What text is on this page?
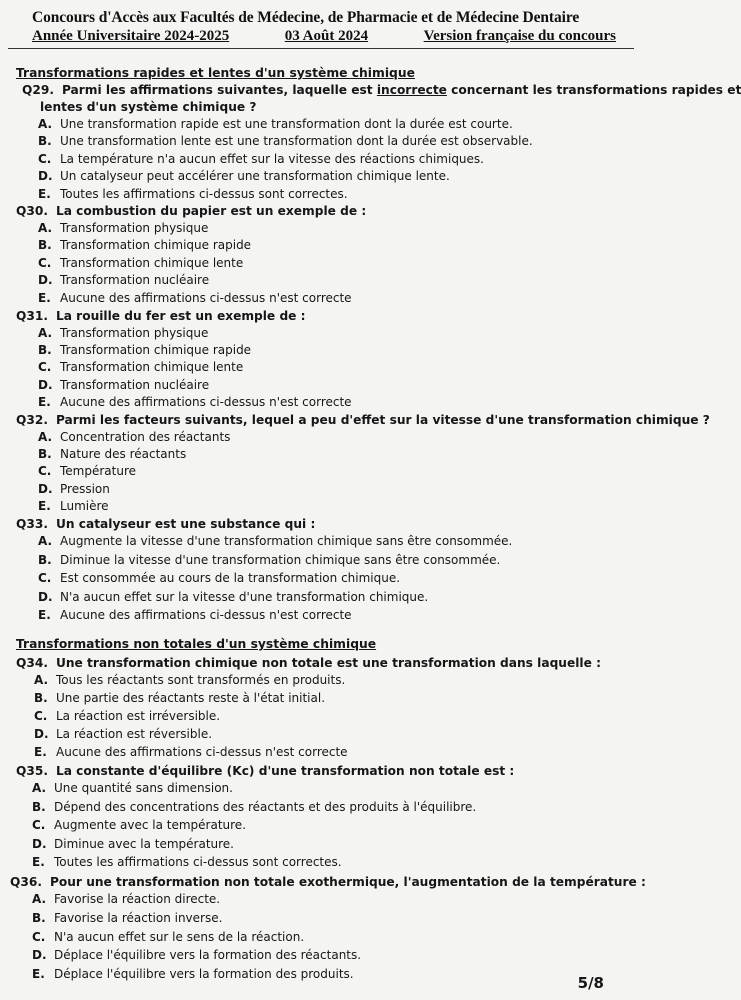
Concours d'Accès aux Facultés de Médecine, de Pharmacie et de Médecine Dentaire
Année Universitaire 2024-2025	03 Août 2024	Version française du concours
Transformations rapides et lentes d'un système chimique
Q29. Parmi les affirmations suivantes, laquelle est incorrecte concernant les transformations rapides et
lentes d'un système chimique ?
Q30. La combustion du papier est un exemple de :
Q31. La rouille du fer est un exemple de :
Q32. Parmi les facteurs suivants, lequel a peu d'effet sur la vitesse d'une transformation chimique ?
Q33. Un catalyseur est une substance qui :
Transformations non totales d'un système chimique
Q34. Une transformation chimique non totale est une transformation dans laquelle :
Q35. La constante d'équilibre (Kc) d'une transformation non totale est :
Q36. Pour une transformation non totale exothermique, l'augmentation de la température :
A. Une transformation rapide est une transformation dont la durée est courte.
B. Une transformation lente est une transformation dont la durée est observable.
C. La température n'a aucun effet sur la vitesse des réactions chimiques.
D. Un catalyseur peut accélérer une transformation chimique lente.
E. Toutes les affirmations ci-dessus sont correctes.
A. Transformation physique
B. Transformation chimique rapide
C. Transformation chimique lente
D. Transformation nucléaire
E. Aucune des affirmations ci-dessus n'est correcte
A. Transformation physique
B. Transformation chimique rapide
C. Transformation chimique lente
D. Transformation nucléaire
E. Aucune des affirmations ci-dessus n'est correcte
A. Concentration des réactants
B. Nature des réactants
C. Température
D. Pression
E. Lumière
A. Augmente la vitesse d'une transformation chimique sans être consommée.
B. Diminue la vitesse d'une transformation chimique sans être consommée.
C. Est consommée au cours de la transformation chimique.
D. N'a aucun effet sur la vitesse d'une transformation chimique.
E. Aucune des affirmations ci-dessus n'est correcte
A. Tous les réactants sont transformés en produits.
B. Une partie des réactants reste à l'état initial.
C. La réaction est irréversible.
D. La réaction est réversible.
E. Aucune des affirmations ci-dessus n'est correcte
A. Une quantité sans dimension.
B. Dépend des concentrations des réactants et des produits à l'équilibre.
C. Augmente avec la température.
D. Diminue avec la température.
E. Toutes les affirmations ci-dessus sont correctes.
A. Favorise la réaction directe.
B. Favorise la réaction inverse.
C. N'a aucun effet sur le sens de la réaction.
D. Déplace l'équilibre vers la formation des réactants.
E. Déplace l'équilibre vers la formation des produits.	5/8
